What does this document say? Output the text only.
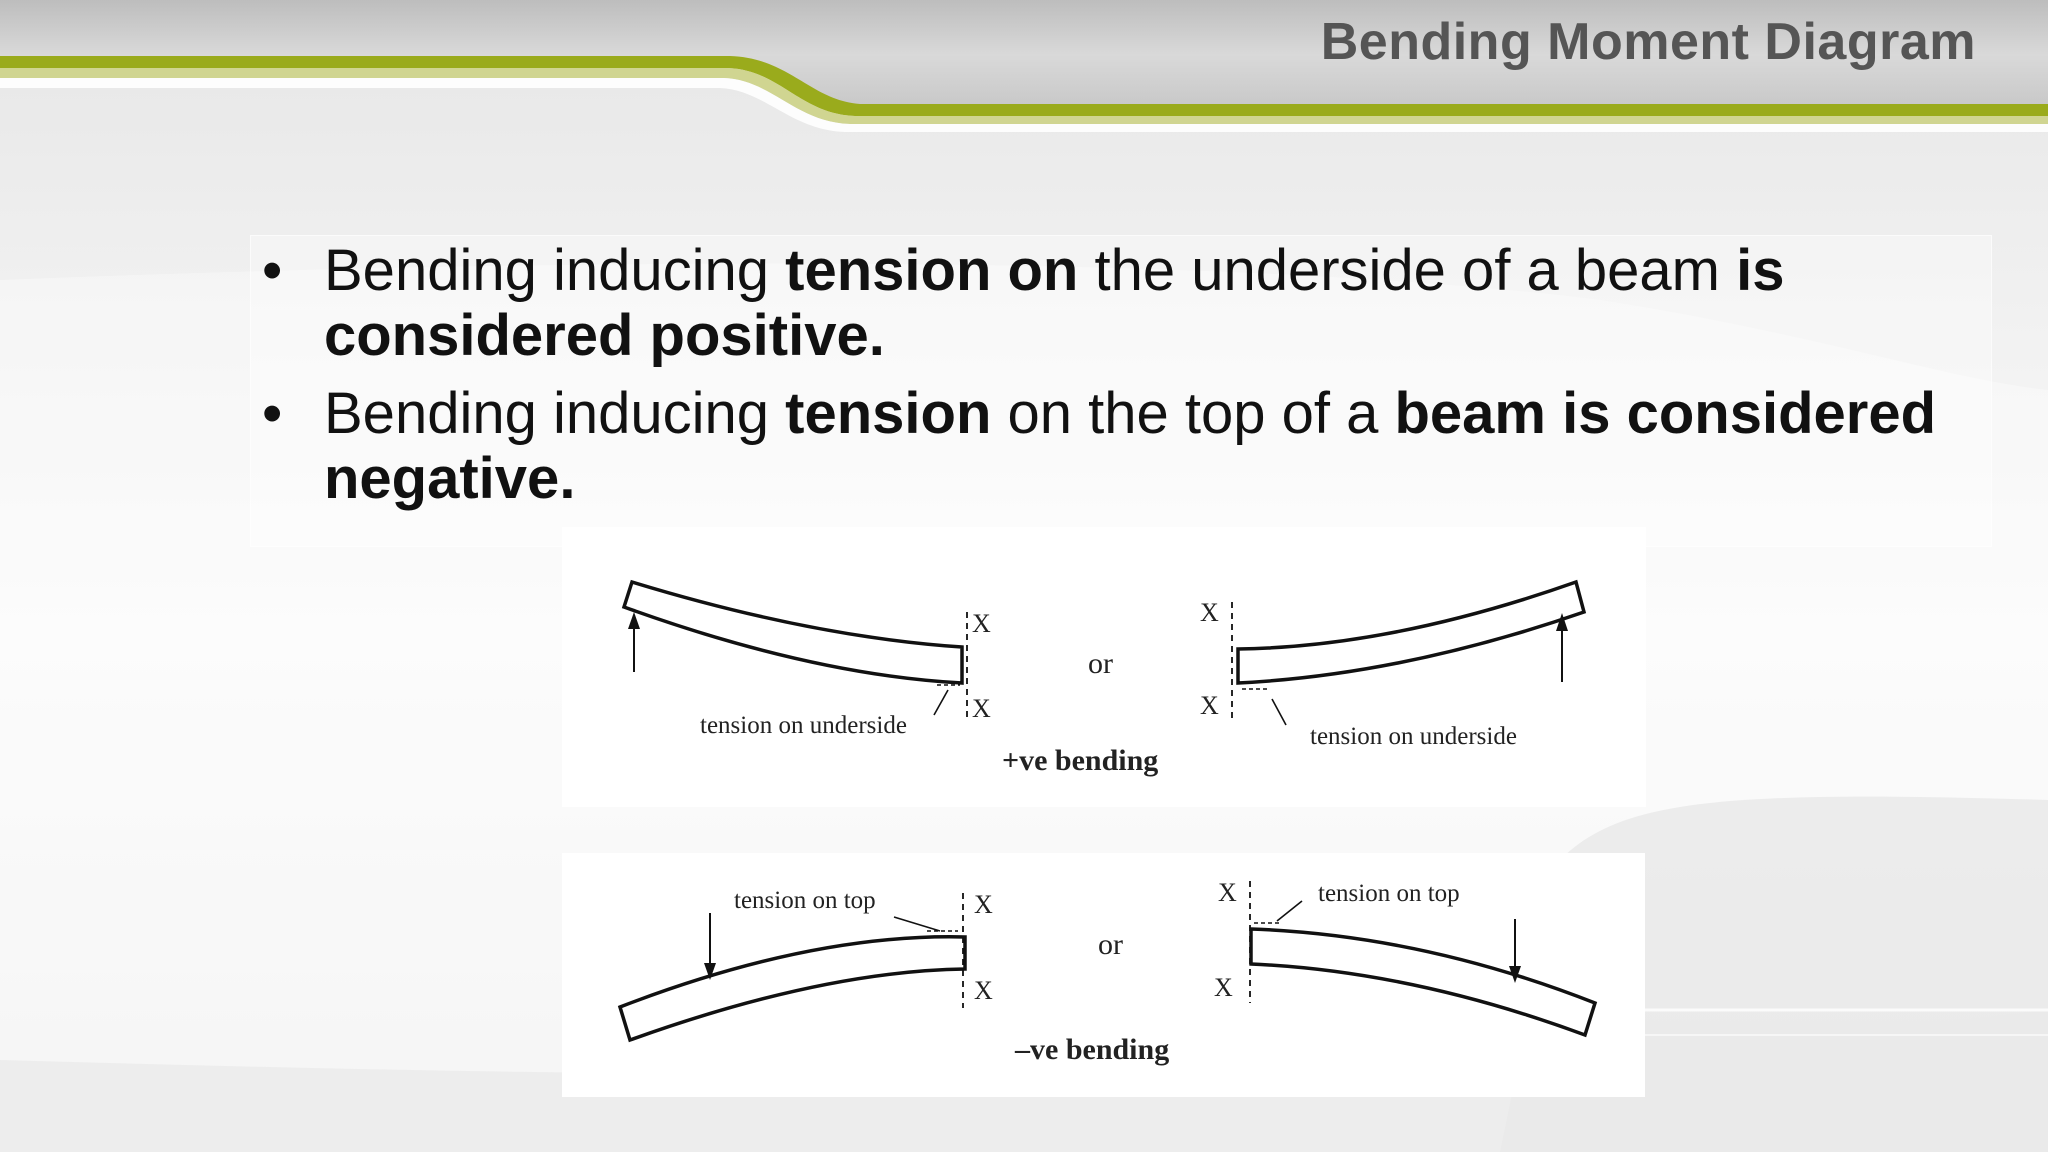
Bending Moment Diagram
• Bending inducing tension on the underside of a beam is considered positive.
• Bending inducing tension on the top of a beam is considered negative.
X
X
tension on underside
or
+ve bending
X
X
tension on underside
X
X
tension on top
or
–ve bending
X
X
tension on top
